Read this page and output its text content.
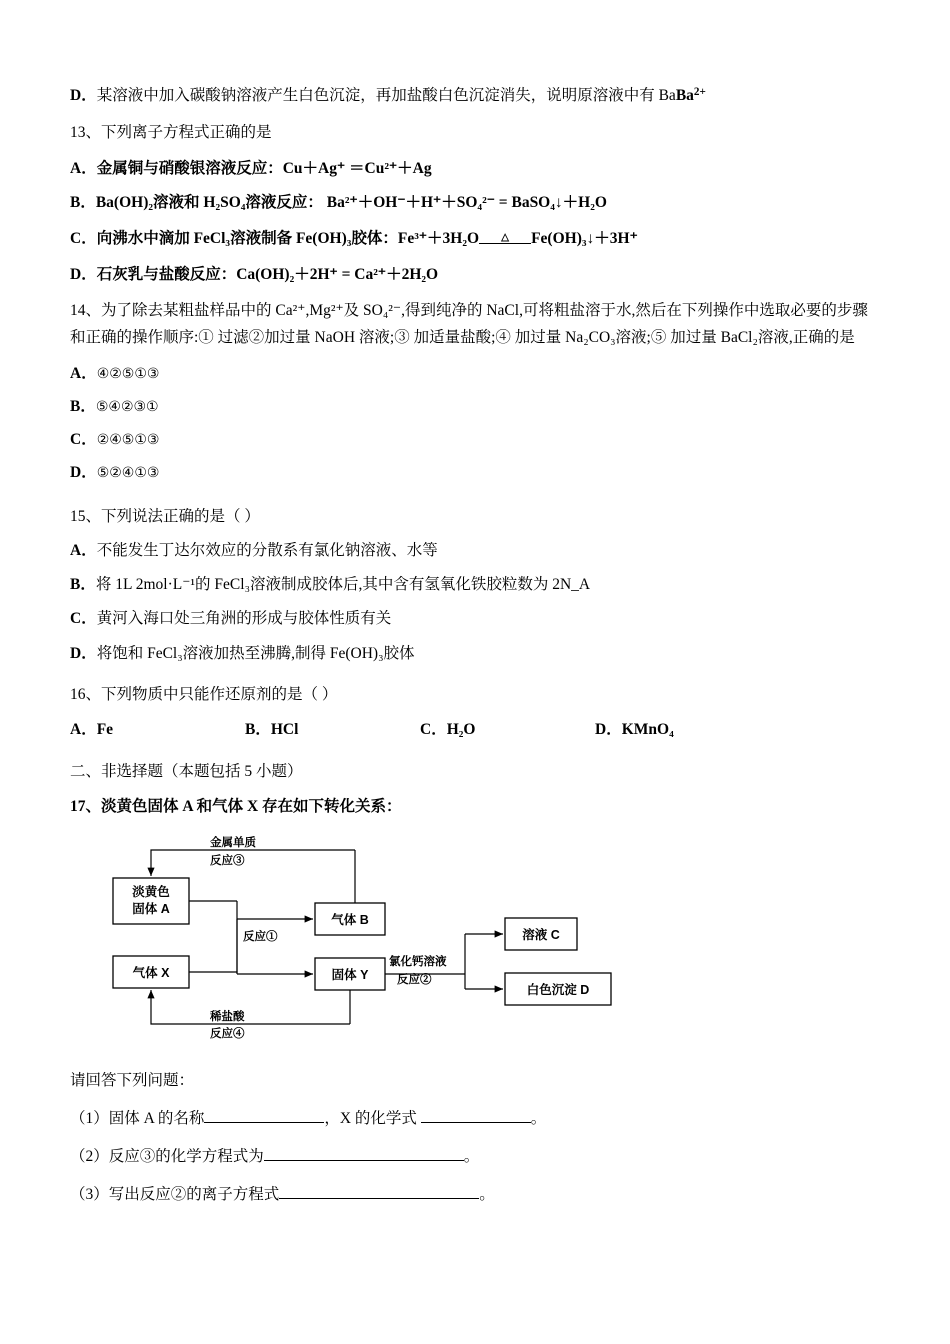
D．某溶液中加入碳酸钠溶液产生白色沉淀，再加盐酸白色沉淀消失，说明原溶液中有 BaBa$^{2+}$
13、下列离子方程式正确的是
A．金属铜与硝酸银溶液反应：Cu＋Ag⁺ ＝Cu²⁺＋Ag
B．Ba(OH)₂溶液和 H₂SO₄溶液反应： Ba²⁺＋OH⁻＋H⁺＋SO₄²⁻ = BaSO₄↓＋H₂O
C．向沸水中滴加 FeCl₃溶液制备 Fe(OH)₃胶体：Fe³⁺＋3H₂O	△	Fe(OH)₃↓＋3H⁺
D．石灰乳与盐酸反应：Ca(OH)₂＋2H⁺ = Ca²⁺＋2H₂O
14、为了除去某粗盐样品中的 Ca²⁺,Mg²⁺及 SO₄²⁻,得到纯净的 NaCl,可将粗盐溶于水,然后在下列操作中选取必要的步骤
和正确的操作顺序:① 过滤②加过量 NaOH 溶液;③ 加适量盐酸;④ 加过量 Na₂CO₃溶液;⑤ 加过量 BaCl₂溶液,正确的是
A．④②⑤①③
B．⑤④②③①
C．②④⑤①③
D．⑤②④①③
15、下列说法正确的是（ ）
A．不能发生丁达尔效应的分散系有氯化钠溶液、水等
B．将 1L 2mol·L⁻¹的 FeCl₃溶液制成胶体后,其中含有氢氧化铁胶粒数为 2N_A
C．黄河入海口处三角洲的形成与胶体性质有关
D．将饱和 FeCl₃溶液加热至沸腾,制得 Fe(OH)₃胶体
16、下列物质中只能作还原剂的是（ ）
A．Fe	B．HCl	C．H₂O	D．KMnO₄
二、非选择题（本题包括 5 小题）
17、淡黄色固体 A 和气体 X 存在如下转化关系：
淡黄色
固体 A
气体 X
气体 B
固体 Y
溶液 C
白色沉淀 D
金属单质
反应③
反应①
氯化钙溶液
反应②
稀盐酸
反应④
请回答下列问题：
（1）固体 A 的名称	，X 的化学式	。
（2）反应③的化学方程式为	。
（3）写出反应②的离子方程式	。
